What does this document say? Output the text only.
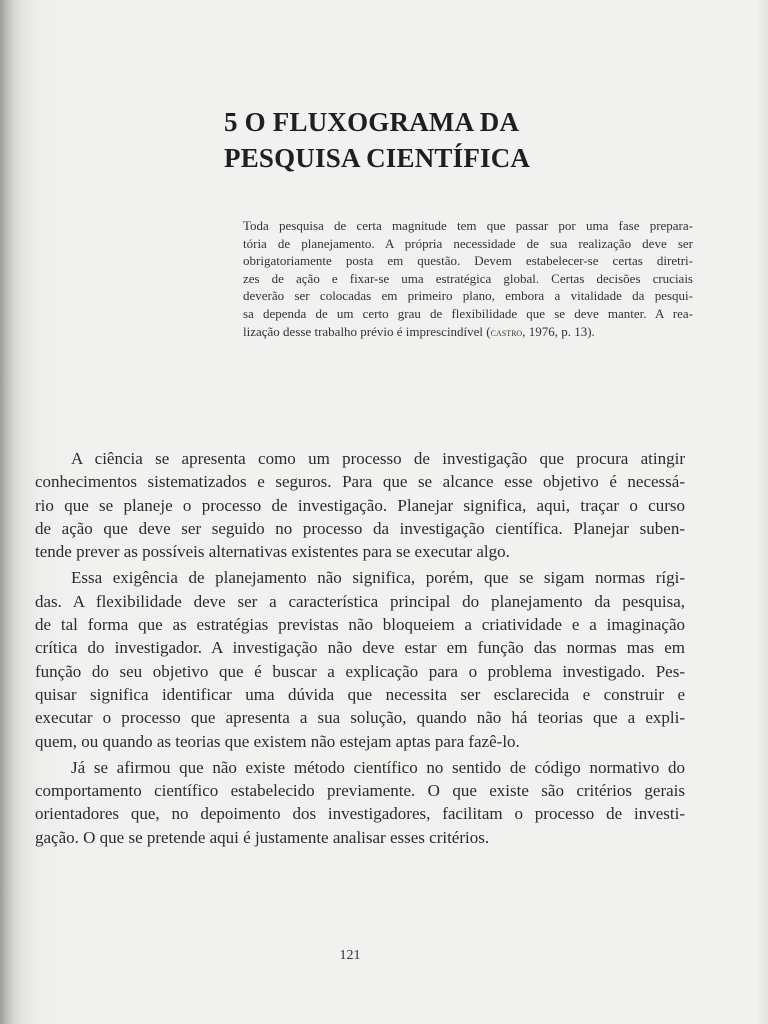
5 O FLUXOGRAMA DA
PESQUISA CIENTÍFICA
Toda pesquisa de certa magnitude tem que passar por uma fase prepara-
tória de planejamento. A própria necessidade de sua realização deve ser
obrigatoriamente posta em questão. Devem estabelecer-se certas diretri-
zes de ação e fixar-se uma estratégica global. Certas decisões cruciais
deverão ser colocadas em primeiro plano, embora a vitalidade da pesqui-
sa dependa de um certo grau de flexibilidade que se deve manter. A rea-
lização desse trabalho prévio é imprescindível (castro, 1976, p. 13).

A ciência se apresenta como um processo de investigação que procura atingir
conhecimentos sistematizados e seguros. Para que se alcance esse objetivo é necessá-
rio que se planeje o processo de investigação. Planejar significa, aqui, traçar o curso
de ação que deve ser seguido no processo da investigação científica. Planejar suben-
tende prever as possíveis alternativas existentes para se executar algo.

Essa exigência de planejamento não significa, porém, que se sigam normas rígi-
das. A flexibilidade deve ser a característica principal do planejamento da pesquisa,
de tal forma que as estratégias previstas não bloqueiem a criatividade e a imaginação
crítica do investigador. A investigação não deve estar em função das normas mas em
função do seu objetivo que é buscar a explicação para o problema investigado. Pes-
quisar significa identificar uma dúvida que necessita ser esclarecida e construir e
executar o processo que apresenta a sua solução, quando não há teorias que a expli-
quem, ou quando as teorias que existem não estejam aptas para fazê-lo.

Já se afirmou que não existe método científico no sentido de código normativo do
comportamento científico estabelecido previamente. O que existe são critérios gerais
orientadores que, no depoimento dos investigadores, facilitam o processo de investi-
gação. O que se pretende aqui é justamente analisar esses critérios.

121
